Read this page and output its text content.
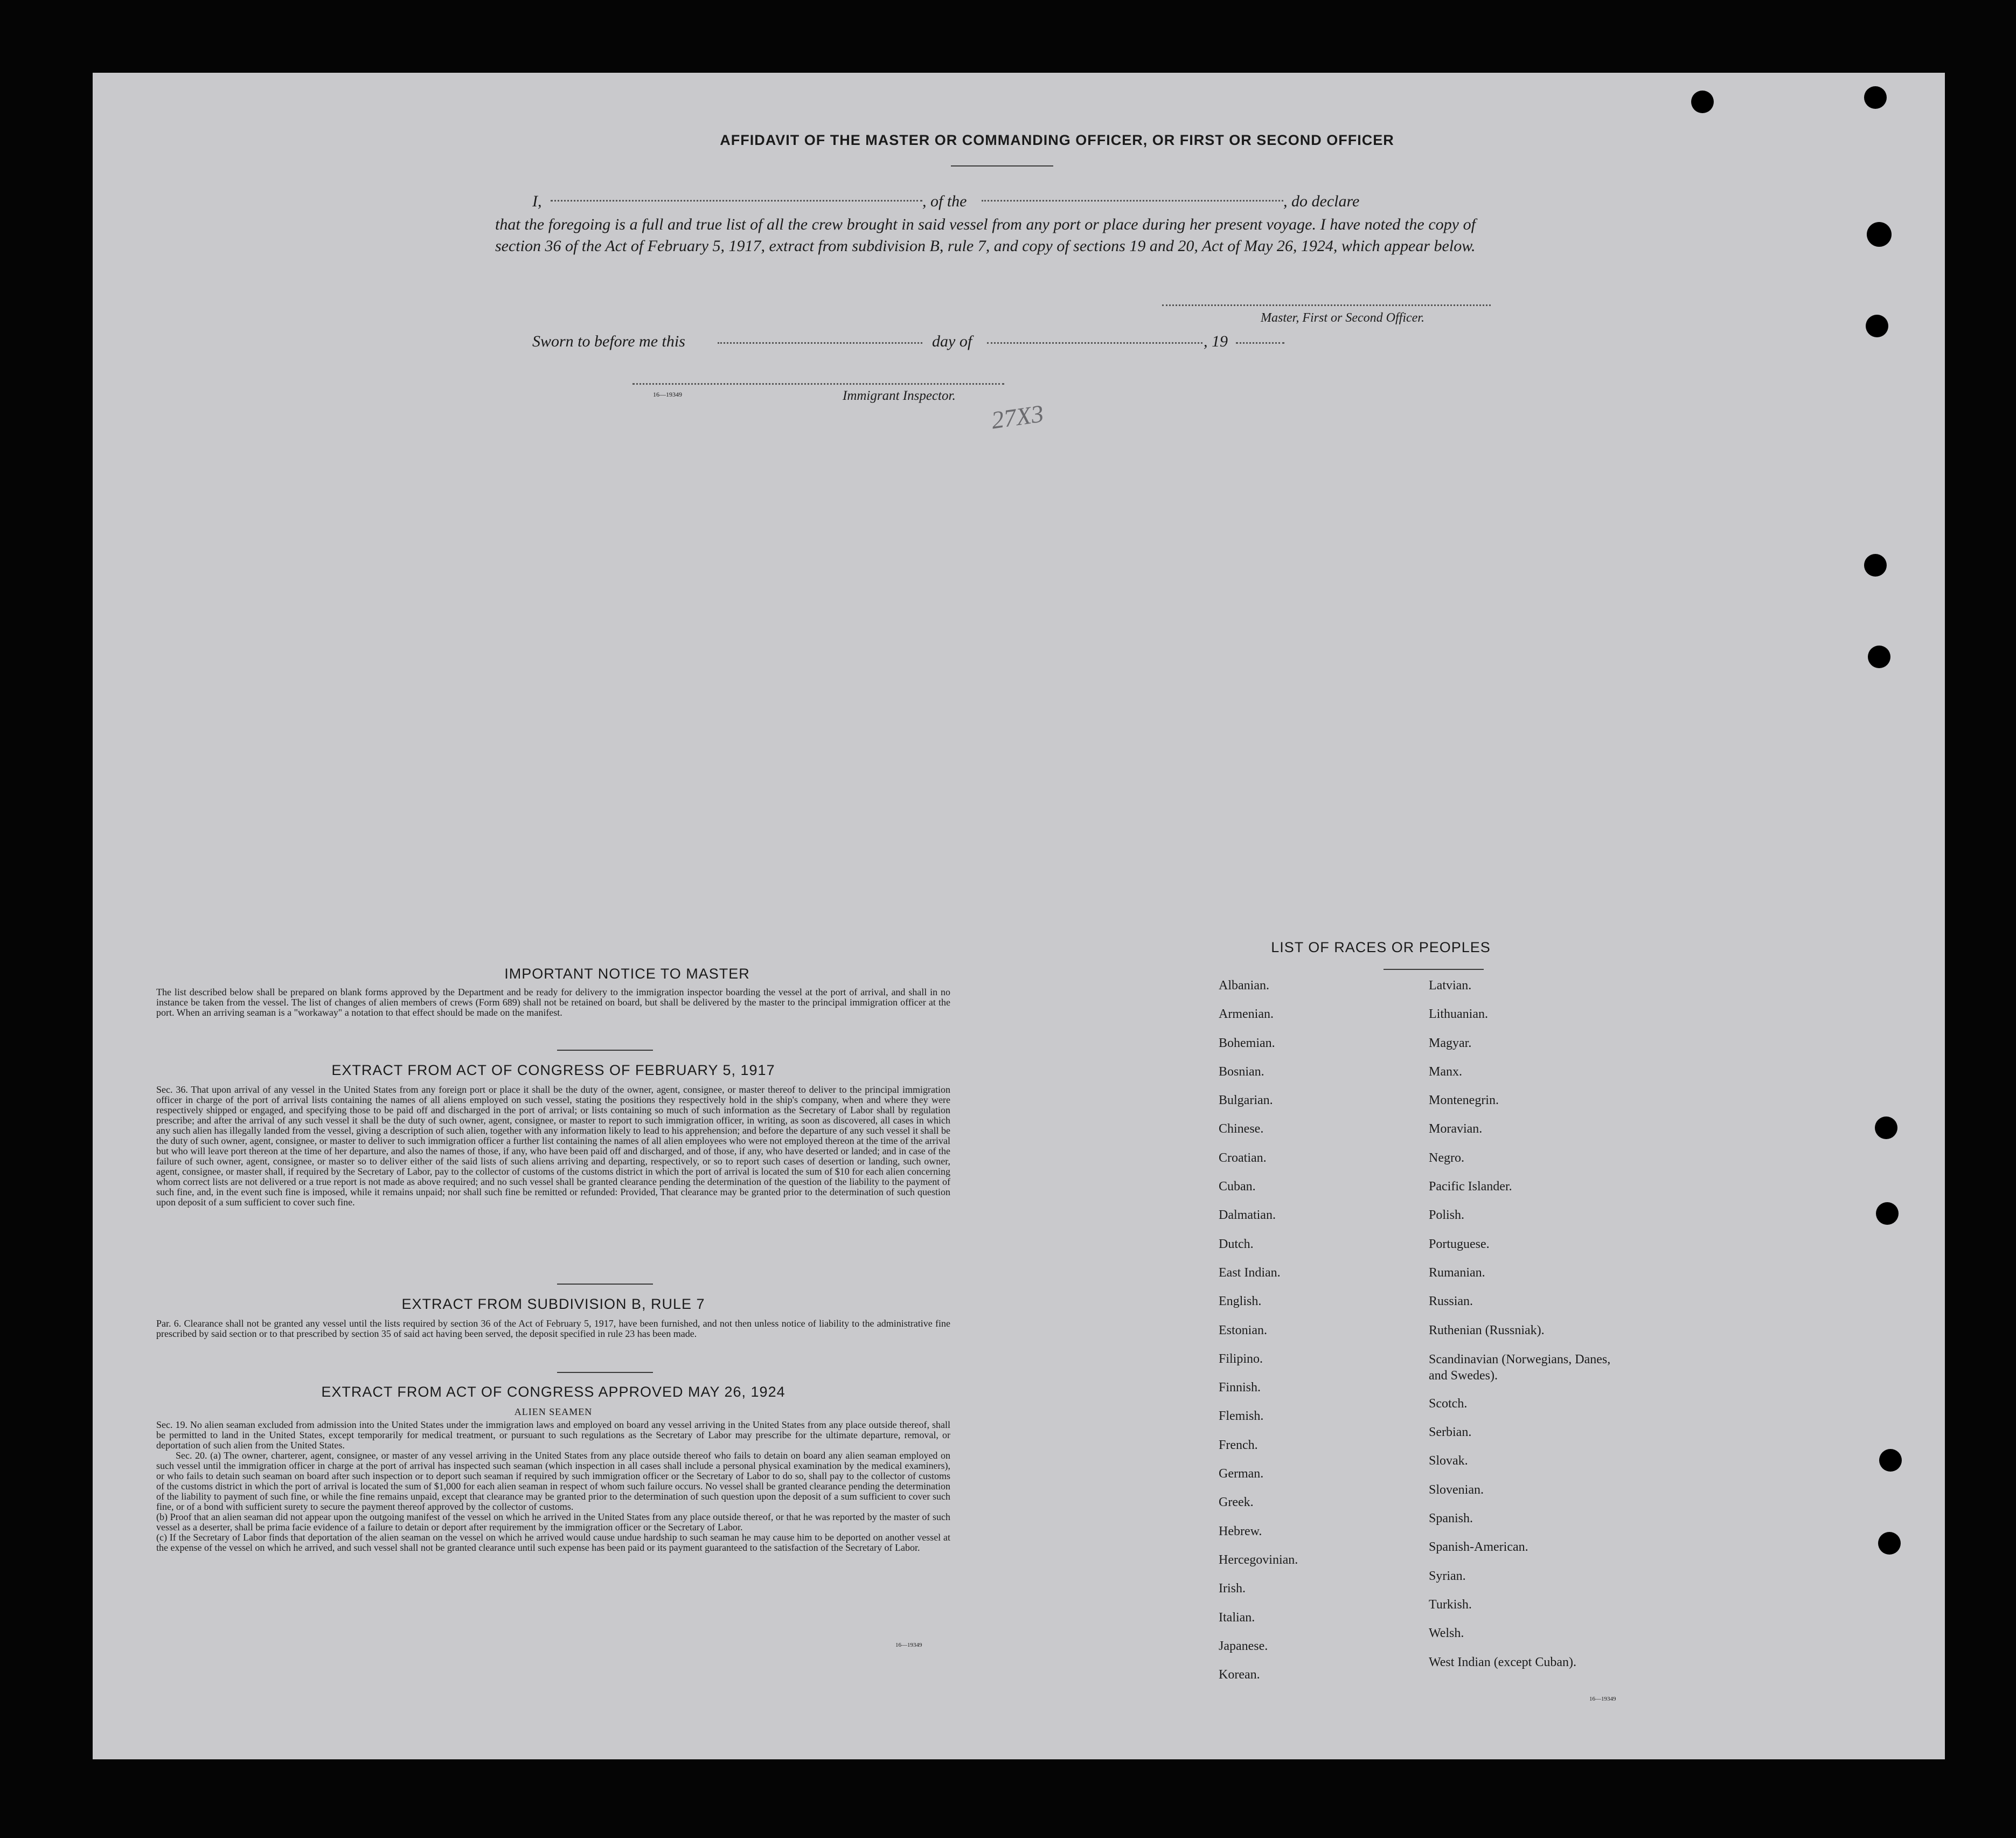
AFFIDAVIT OF THE MASTER OR COMMANDING OFFICER, OR FIRST OR SECOND OFFICER
I,	, of the	, do declare
that the foregoing is a full and true list of all the crew brought in said vessel from any port or place during her present voyage. I have noted the copy of section 36 of the Act of February 5, 1917, extract from subdivision B, rule 7, and copy of sections 19 and 20, Act of May 26, 1924, which appear below.
Master, First or Second Officer.
Sworn to before me this	day of	, 19
16—19349	Immigrant Inspector.
27X3
IMPORTANT NOTICE TO MASTER
The list described below shall be prepared on blank forms approved by the Department and be ready for delivery to the immigration inspector boarding the vessel at the port of arrival, and shall in no instance be taken from the vessel. The list of changes of alien members of crews (Form 689) shall not be retained on board, but shall be delivered by the master to the principal immigration officer at the port. When an arriving seaman is a "workaway" a notation to that effect should be made on the manifest.
EXTRACT FROM ACT OF CONGRESS OF FEBRUARY 5, 1917
Sec. 36. That upon arrival of any vessel in the United States from any foreign port or place it shall be the duty of the owner, agent, consignee, or master thereof to deliver to the principal immigration officer in charge of the port of arrival lists containing the names of all aliens employed on such vessel, stating the positions they respectively hold in the ship's company, when and where they were respectively shipped or engaged, and specifying those to be paid off and discharged in the port of arrival; or lists containing so much of such information as the Secretary of Labor shall by regulation prescribe; and after the arrival of any such vessel it shall be the duty of such owner, agent, consignee, or master to report to such immigration officer, in writing, as soon as discovered, all cases in which any such alien has illegally landed from the vessel, giving a description of such alien, together with any information likely to lead to his apprehension; and before the departure of any such vessel it shall be the duty of such owner, agent, consignee, or master to deliver to such immigration officer a further list containing the names of all alien employees who were not employed thereon at the time of the arrival but who will leave port thereon at the time of her departure, and also the names of those, if any, who have been paid off and discharged, and of those, if any, who have deserted or landed; and in case of the failure of such owner, agent, consignee, or master so to deliver either of the said lists of such aliens arriving and departing, respectively, or so to report such cases of desertion or landing, such owner, agent, consignee, or master shall, if required by the Secretary of Labor, pay to the collector of customs of the customs district in which the port of arrival is located the sum of $10 for each alien concerning whom correct lists are not delivered or a true report is not made as above required; and no such vessel shall be granted clearance pending the determination of the question of the liability to the payment of such fine, and, in the event such fine is imposed, while it remains unpaid; nor shall such fine be remitted or refunded: Provided, That clearance may be granted prior to the determination of such question upon deposit of a sum sufficient to cover such fine.
EXTRACT FROM SUBDIVISION B, RULE 7
Par. 6. Clearance shall not be granted any vessel until the lists required by section 36 of the Act of February 5, 1917, have been furnished, and not then unless notice of liability to the administrative fine prescribed by said section or to that prescribed by section 35 of said act having been served, the deposit specified in rule 23 has been made.
EXTRACT FROM ACT OF CONGRESS APPROVED MAY 26, 1924
ALIEN SEAMEN
Sec. 19. No alien seaman excluded from admission into the United States under the immigration laws and employed on board any vessel arriving in the United States from any place outside thereof, shall be permitted to land in the United States, except temporarily for medical treatment, or pursuant to such regulations as the Secretary of Labor may prescribe for the ultimate departure, removal, or deportation of such alien from the United States.
Sec. 20. (a) The owner, charterer, agent, consignee, or master of any vessel arriving in the United States from any place outside thereof who fails to detain on board any alien seaman employed on such vessel until the immigration officer in charge at the port of arrival has inspected such seaman (which inspection in all cases shall include a personal physical examination by the medical examiners), or who fails to detain such seaman on board after such inspection or to deport such seaman if required by such immigration officer or the Secretary of Labor to do so, shall pay to the collector of customs of the customs district in which the port of arrival is located the sum of $1,000 for each alien seaman in respect of whom such failure occurs. No vessel shall be granted clearance pending the determination of the liability to payment of such fine, or while the fine remains unpaid, except that clearance may be granted prior to the determination of such question upon the deposit of a sum sufficient to cover such fine, or of a bond with sufficient surety to secure the payment thereof approved by the collector of customs.
(b) Proof that an alien seaman did not appear upon the outgoing manifest of the vessel on which he arrived in the United States from any place outside thereof, or that he was reported by the master of such vessel as a deserter, shall be prima facie evidence of a failure to detain or deport after requirement by the immigration officer or the Secretary of Labor.
(c) If the Secretary of Labor finds that deportation of the alien seaman on the vessel on which he arrived would cause undue hardship to such seaman he may cause him to be deported on another vessel at the expense of the vessel on which he arrived, and such vessel shall not be granted clearance until such expense has been paid or its payment guaranteed to the satisfaction of the Secretary of Labor.
16—19349
LIST OF RACES OR PEOPLES
Albanian.
Armenian.
Bohemian.
Bosnian.
Bulgarian.
Chinese.
Croatian.
Cuban.
Dalmatian.
Dutch.
East Indian.
English.
Estonian.
Filipino.
Finnish.
Flemish.
French.
German.
Greek.
Hebrew.
Hercegovinian.
Irish.
Italian.
Japanese.
Korean.
Latvian.
Lithuanian.
Magyar.
Manx.
Montenegrin.
Moravian.
Negro.
Pacific Islander.
Polish.
Portuguese.
Rumanian.
Russian.
Ruthenian (Russniak).
Scandinavian (Norwegians, Danes, and Swedes).
Scotch.
Serbian.
Slovak.
Slovenian.
Spanish.
Spanish-American.
Syrian.
Turkish.
Welsh.
West Indian (except Cuban).
16—19349
